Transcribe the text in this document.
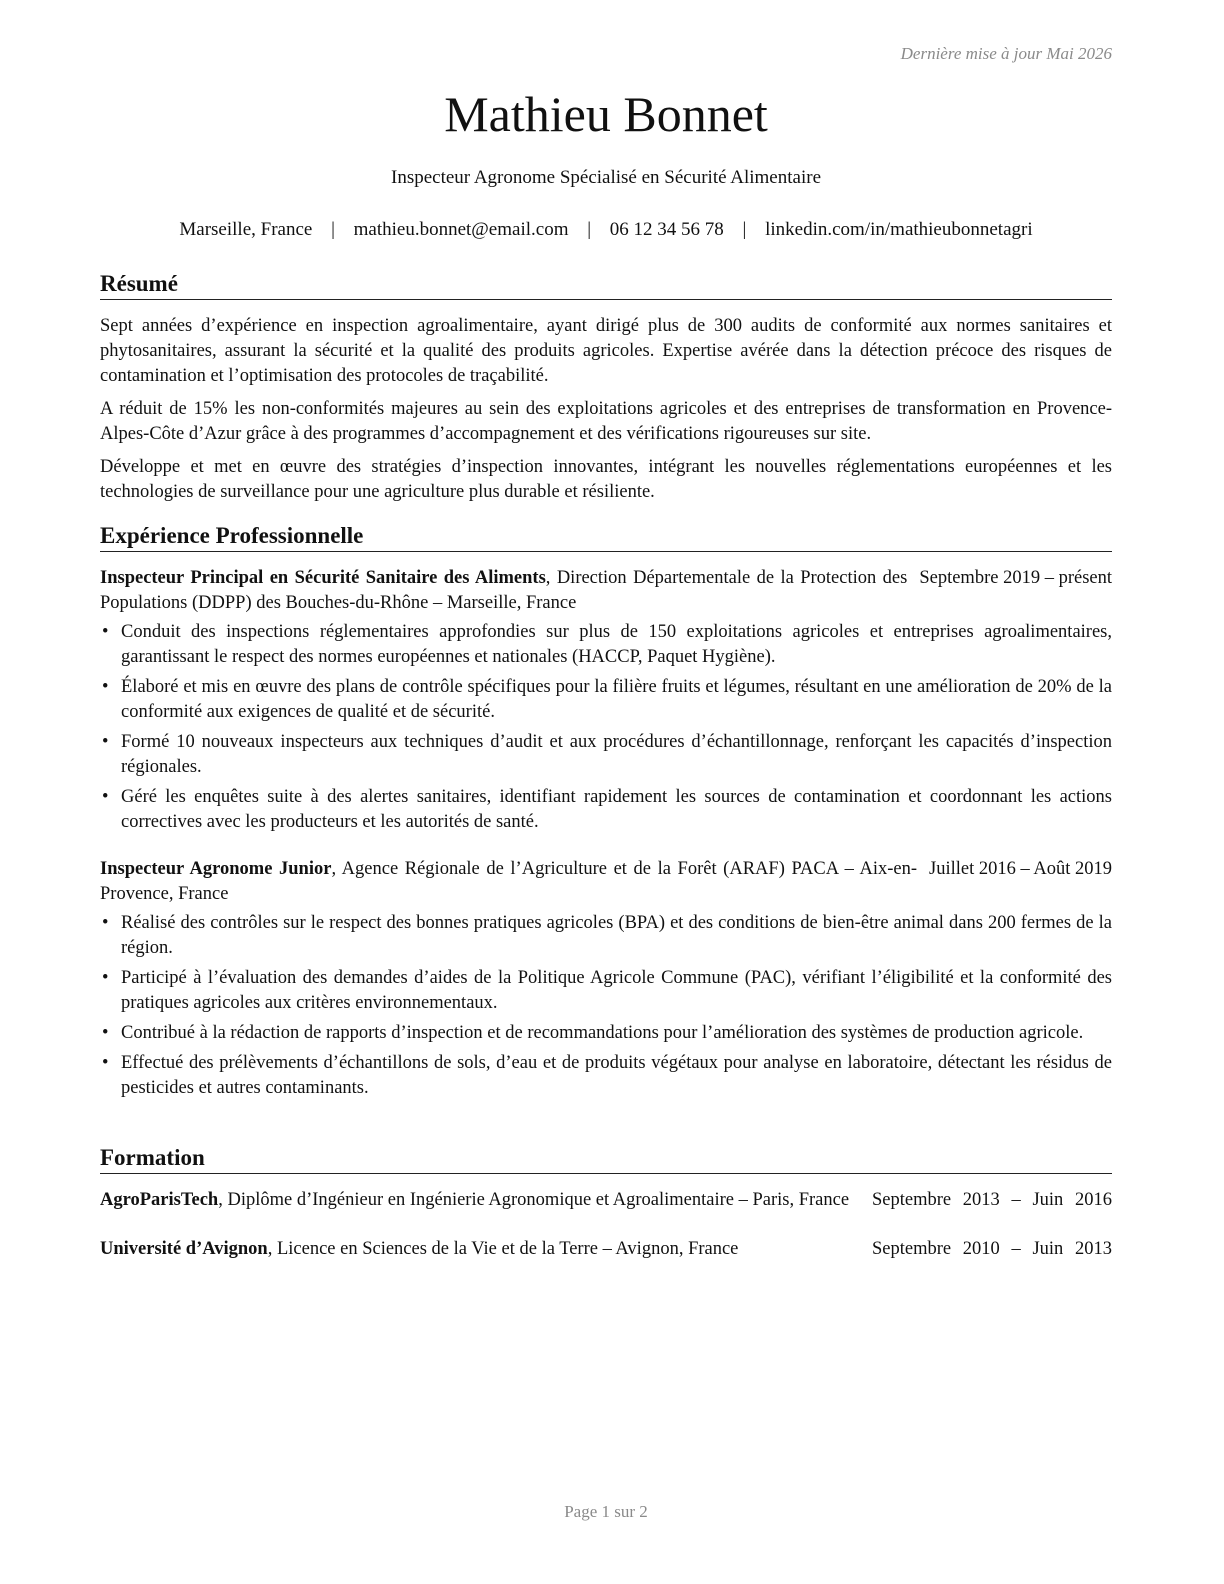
Dernière mise à jour Mai 2026
Mathieu Bonnet
Inspecteur Agronome Spécialisé en Sécurité Alimentaire
Marseille, France | mathieu.bonnet@email.com | 06 12 34 56 78 | linkedin.com/in/mathieubonnetagri
Résumé

Sept années d’expérience en inspection agroalimentaire, ayant dirigé plus de 300 audits de conformité aux normes sanitaires et phytosanitaires, assurant la sécurité et la qualité des produits agricoles. Expertise avérée dans la détection précoce des risques de contamination et l’optimisation des protocoles de traçabilité.

A réduit de 15% les non-conformités majeures au sein des exploitations agricoles et des entreprises de transformation en Provence-Alpes-Côte d’Azur grâce à des programmes d’accompagnement et des vérifications rigoureuses sur site.

Développe et met en œuvre des stratégies d’inspection innovantes, intégrant les nouvelles réglementations européennes et les technologies de surveillance pour une agriculture plus durable et résiliente.

Expérience Professionnelle
Inspecteur Principal en Sécurité Sanitaire des Aliments, Direction Départementale de la Protection des Populations (DDPP) des Bouches-du-Rhône – Marseille, France
Septembre 2019 – présent
• Conduit des inspections réglementaires approfondies sur plus de 150 exploitations agricoles et entreprises agroalimentaires, garantissant le respect des normes européennes et nationales (HACCP, Paquet Hygiène).
• Élaboré et mis en œuvre des plans de contrôle spécifiques pour la filière fruits et légumes, résultant en une amélioration de 20% de la conformité aux exigences de qualité et de sécurité.
• Formé 10 nouveaux inspecteurs aux techniques d’audit et aux procédures d’échantillonnage, renforçant les capacités d’inspection régionales.
• Géré les enquêtes suite à des alertes sanitaires, identifiant rapidement les sources de contamination et coordonnant les actions correctives avec les producteurs et les autorités de santé.
Inspecteur Agronome Junior, Agence Régionale de l’Agriculture et de la Forêt (ARAF) PACA – Aix-en-Provence, France
Juillet 2016 – Août 2019
• Réalisé des contrôles sur le respect des bonnes pratiques agricoles (BPA) et des conditions de bien-être animal dans 200 fermes de la région.
• Participé à l’évaluation des demandes d’aides de la Politique Agricole Commune (PAC), vérifiant l’éligibilité et la conformité des pratiques agricoles aux critères environnementaux.
• Contribué à la rédaction de rapports d’inspection et de recommandations pour l’amélioration des systèmes de production agricole.
• Effectué des prélèvements d’échantillons de sols, d’eau et de produits végétaux pour analyse en laboratoire, détectant les résidus de pesticides et autres contaminants.
Formation
AgroParisTech, Diplôme d’Ingénieur en Ingénierie Agronomique et Agroalimentaire – Paris, France	Septembre 2013 – Juin 2016
Université d’Avignon, Licence en Sciences de la Vie et de la Terre – Avignon, France	Septembre 2010 – Juin 2013
Page 1 sur 2
